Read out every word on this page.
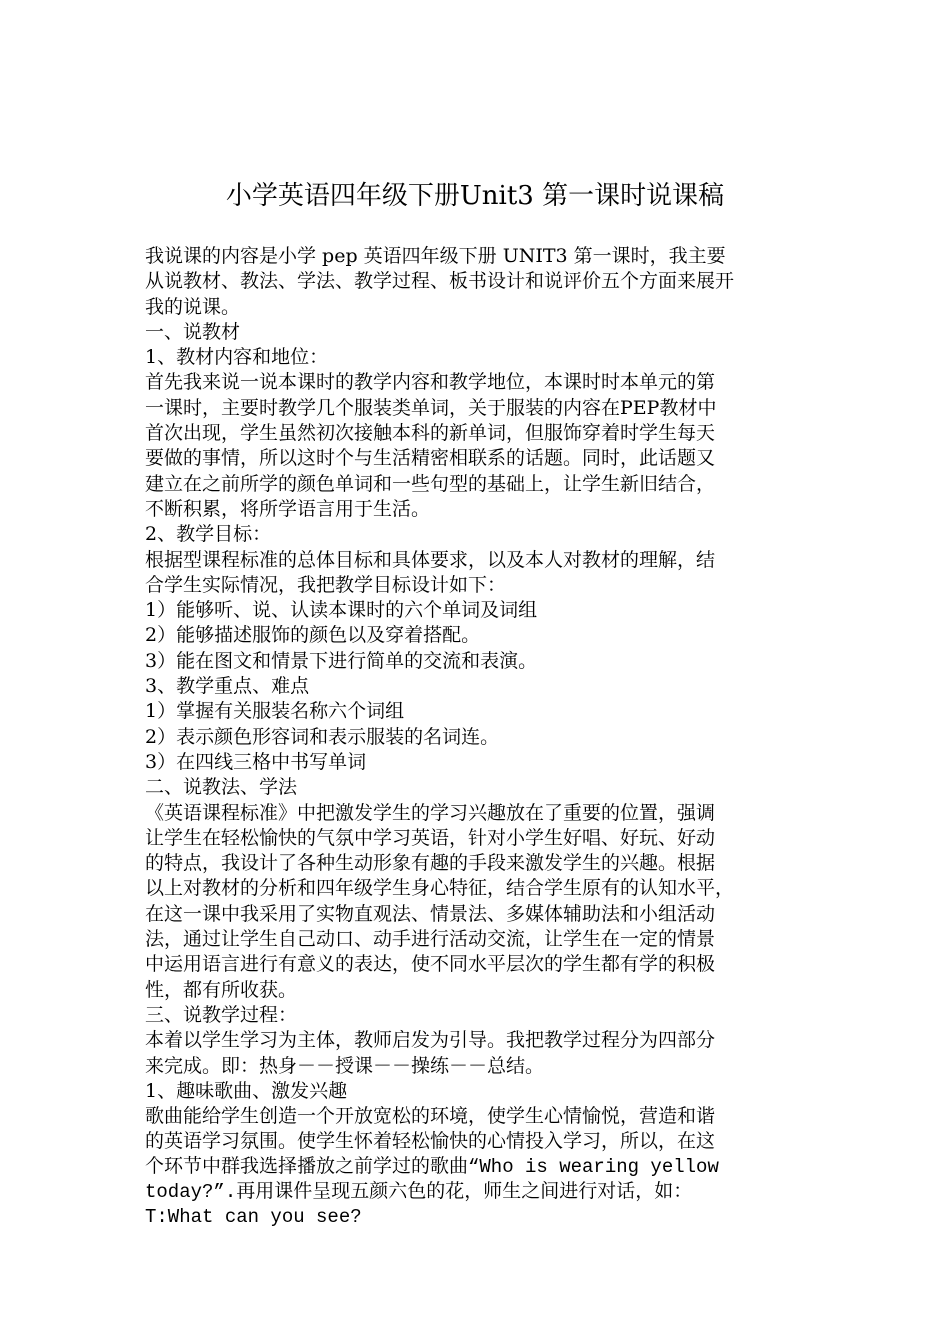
小学英语四年级下册Unit3 第一课时说课稿
我说课的内容是小学 pep 英语四年级下册 UNIT3 第一课时，我主要
从说教材、教法、学法、教学过程、板书设计和说评价五个方面来展开
我的说课。
一、说教材
1、教材内容和地位：
首先我来说一说本课时的教学内容和教学地位，本课时时本单元的第
一课时，主要时教学几个服装类单词，关于服装的内容在PEP教材中
首次出现，学生虽然初次接触本科的新单词，但服饰穿着时学生每天
要做的事情，所以这时个与生活精密相联系的话题。同时，此话题又
建立在之前所学的颜色单词和一些句型的基础上，让学生新旧结合，
不断积累，将所学语言用于生活。
2、教学目标：
根据型课程标准的总体目标和具体要求，以及本人对教材的理解，结
合学生实际情况，我把教学目标设计如下：
1）能够听、说、认读本课时的六个单词及词组
2）能够描述服饰的颜色以及穿着搭配。
3）能在图文和情景下进行简单的交流和表演。
3、教学重点、难点
1）掌握有关服装名称六个词组
2）表示颜色形容词和表示服装的名词连。
3）在四线三格中书写单词
二、说教法、学法
《英语课程标准》中把激发学生的学习兴趣放在了重要的位置，强调
让学生在轻松愉快的气氛中学习英语，针对小学生好唱、好玩、好动
的特点，我设计了各种生动形象有趣的手段来激发学生的兴趣。根据
以上对教材的分析和四年级学生身心特征，结合学生原有的认知水平，
在这一课中我采用了实物直观法、情景法、多媒体辅助法和小组活动
法，通过让学生自己动口、动手进行活动交流，让学生在一定的情景
中运用语言进行有意义的表达，使不同水平层次的学生都有学的积极
性，都有所收获。
三、说教学过程：
本着以学生学习为主体，教师启发为引导。我把教学过程分为四部分
来完成。即：热身－－授课－－操练－－总结。
1、趣味歌曲、激发兴趣
歌曲能给学生创造一个开放宽松的环境，使学生心情愉悦，营造和谐
的英语学习氛围。使学生怀着轻松愉快的心情投入学习，所以，在这
个环节中群我选择播放之前学过的歌曲“Who is wearing yellow
today?”.再用课件呈现五颜六色的花，师生之间进行对话，如：
T:What can you see?
